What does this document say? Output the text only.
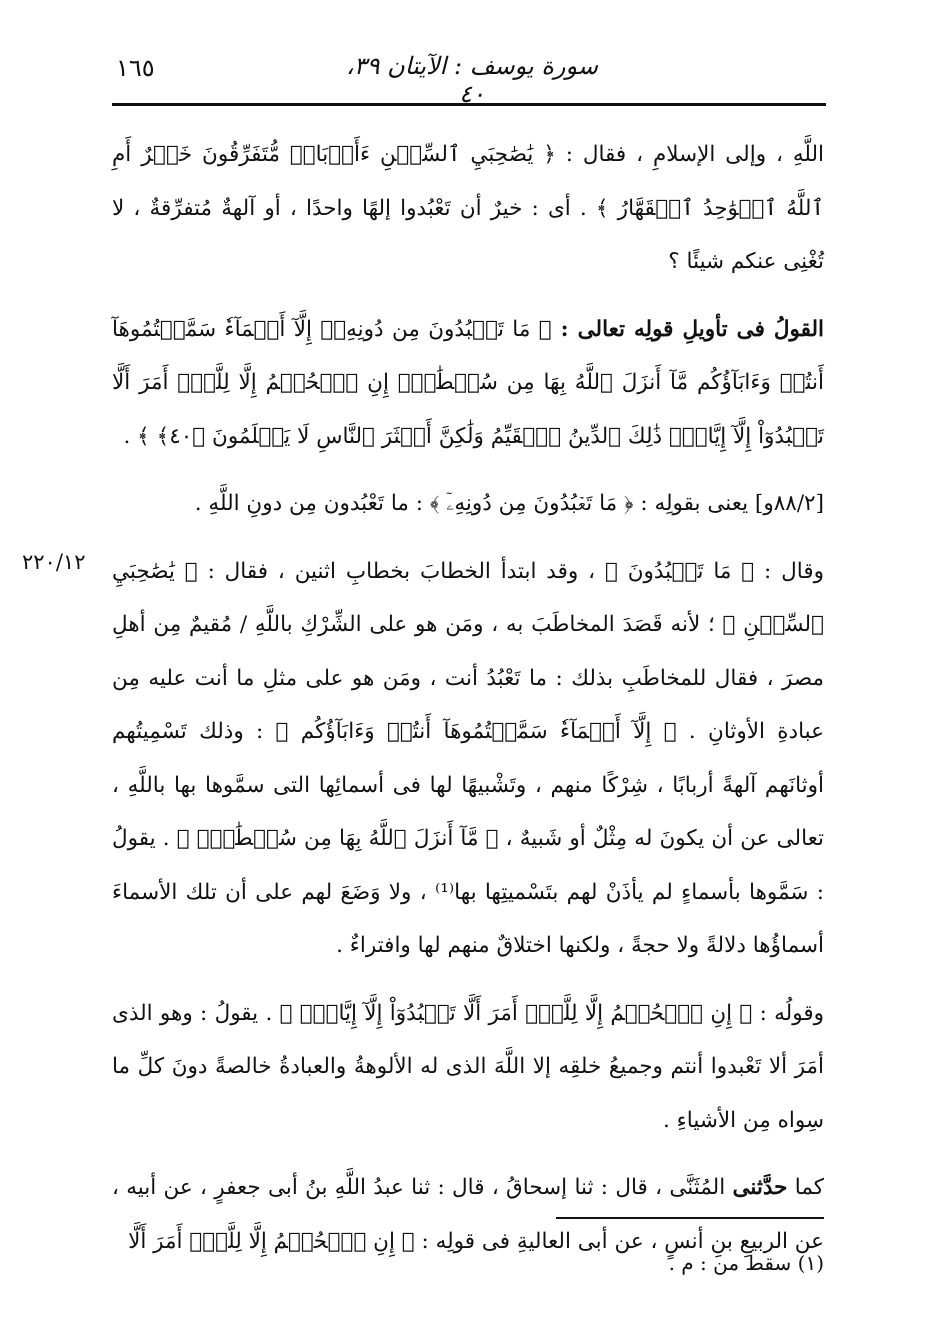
١٦٥	سورة يوسف : الآيتان ٣٩، ٤٠
٢٢٠/١٢

اللَّهِ ، وإلى الإسلامِ ، فقال : ﴿ يَٰصَٰحِبَيِ ٱلسِّجۡنِ ءَأَرۡبَابٞ مُّتَفَرِّقُونَ خَيۡرٌ أَمِ ٱللَّهُ ٱلۡوَٰحِدُ ٱلۡقَهَّارُ ﴾ . أى : خيرٌ أن تَعْبُدوا إلهًا واحدًا ، أو آلهةٌ مُتفرِّقةٌ ، لا تُغْنِى عنكم شيئًا ؟

القولُ فى تأويلِ قولِه تعالى : ﴿ مَا تَعۡبُدُونَ مِن دُونِهِۦٓ إِلَّآ أَسۡمَآءٗ سَمَّيۡتُمُوهَآ أَنتُمۡ وَءَابَآؤُكُم مَّآ أَنزَلَ ٱللَّهُ بِهَا مِن سُلۡطَٰنٍۚ إِنِ ٱلۡحُكۡمُ إِلَّا لِلَّهِۚ أَمَرَ أَلَّا تَعۡبُدُوٓاْ إِلَّآ إِيَّاهُۚ ذَٰلِكَ ٱلدِّينُ ٱلۡقَيِّمُ وَلَٰكِنَّ أَكۡثَرَ ٱلنَّاسِ لَا يَعۡلَمُونَ ﴿٤٠﴾ ﴾ .

[٨٨/٢و] يعنى بقولِه : ﴿ مَا تَعۡبُدُونَ مِن دُونِهِۦٓ ﴾ : ما تَعْبُدون مِن دونِ اللَّهِ .

وقال : ﴿ مَا تَعۡبُدُونَ ﴾ ، وقد ابتدأ الخطابَ بخطابِ اثنين ، فقال : ﴿ يَٰصَٰحِبَيِ ٱلسِّجۡنِ ﴾ ؛ لأنه قَصَدَ المخاطَبَ به ، ومَن هو على الشِّرْكِ باللَّهِ / مُقيمٌ مِن أهلِ مصرَ ، فقال للمخاطَبِ بذلك : ما تَعْبُدُ أنت ، ومَن هو على مثلِ ما أنت عليه مِن عبادةِ الأوثانِ . ﴿ إِلَّآ أَسۡمَآءٗ سَمَّيۡتُمُوهَآ أَنتُمۡ وَءَابَآؤُكُم ﴾ : وذلك تَسْمِيتُهم أوثانَهم آلهةً أربابًا ، شِرْكًا منهم ، وتَشْبيهًا لها فى أسمائِها التى سمَّوها بها باللَّهِ ، تعالى عن أن يكونَ له مِثْلٌ أو شَبيهٌ ، ﴿ مَّآ أَنزَلَ ٱللَّهُ بِهَا مِن سُلۡطَٰنٍۚ ﴾ . يقولُ : سَمَّوها بأسماءٍ لم يأذَنْ لهم بتَسْميتِها بها⁽¹⁾ ، ولا وَضَعَ لهم على أن تلك الأسماءَ أسماؤُها دلالةً ولا حجةً ، ولكنها اختلاقٌ منهم لها وافتراءٌ .

وقولُه : ﴿ إِنِ ٱلۡحُكۡمُ إِلَّا لِلَّهِۚ أَمَرَ أَلَّا تَعۡبُدُوٓاْ إِلَّآ إِيَّاهُۚ ﴾ . يقولُ : وهو الذى أمَرَ ألا تَعْبدوا أنتم وجميعُ خلقِه إلا اللَّهَ الذى له الألوهةُ والعبادةُ خالصةً دونَ كلِّ ما سِواه مِن الأشياءِ .

كما حدَّثنى المُثَنَّى ، قال : ثنا إسحاقُ ، قال : ثنا عبدُ اللَّهِ بنُ أبى جعفرٍ ، عن أبيه ، عن الربيعِ بنِ أنسٍ ، عن أبى العاليةِ فى قولِه : ﴿ إِنِ ٱلۡحُكۡمُ إِلَّا لِلَّهِۚ أَمَرَ أَلَّا

(١) سقط من : م .
